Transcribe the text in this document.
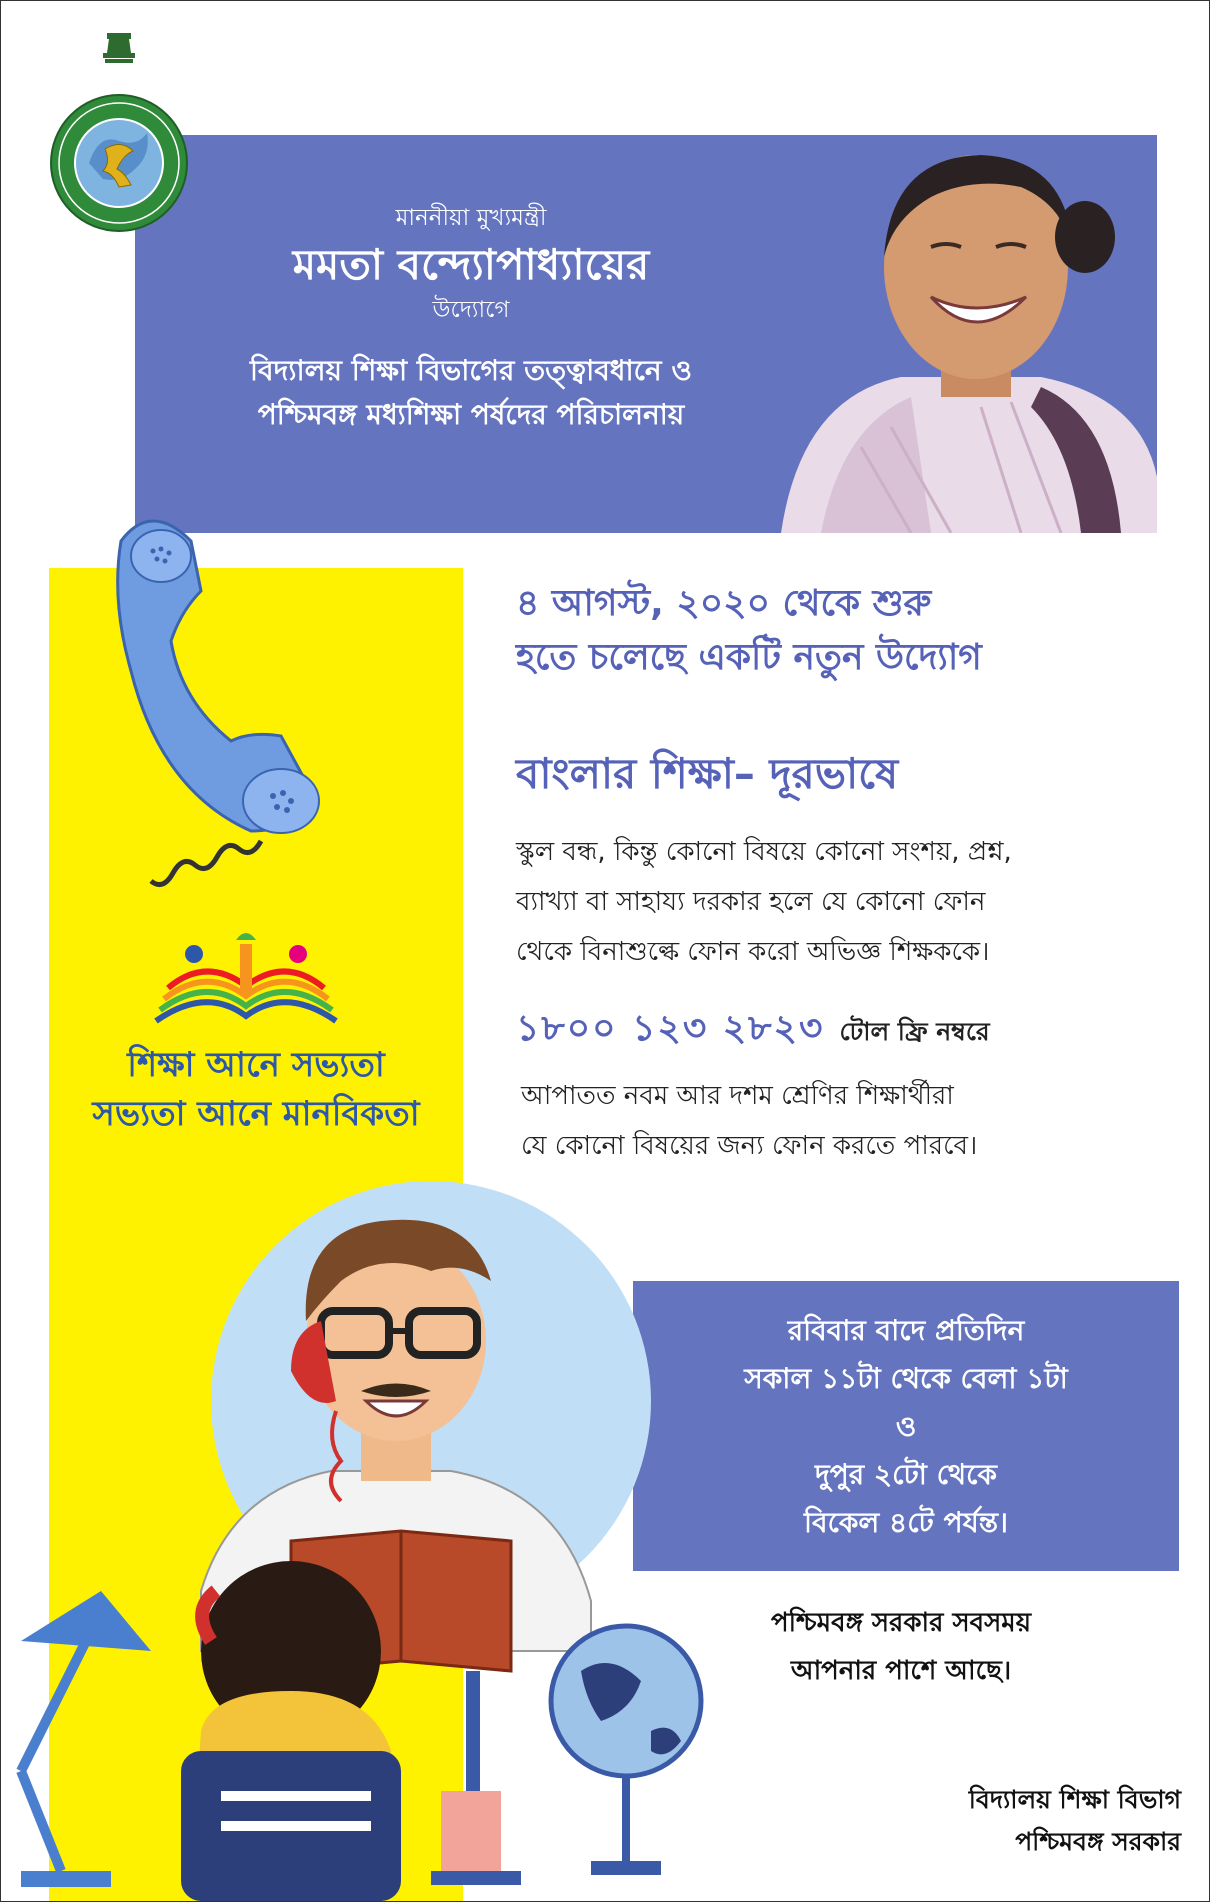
মাননীয়া মুখ্যমন্ত্রী

মমতা বন্দ্যোপাধ্যায়ের

উদ্যোগে

বিদ্যালয় শিক্ষা বিভাগের তত্ত্বাবধানে ও

পশ্চিমবঙ্গ মধ্যশিক্ষা পর্ষদের পরিচালনায়

শিক্ষা আনে সভ্যতা

সভ্যতা আনে মানবিকতা

৪ আগস্ট, ২০২০ থেকে শুরু

হতে চলেছে একটি নতুন উদ্যোগ

বাংলার শিক্ষা– দূরভাষে

স্কুল বন্ধ, কিন্তু কোনো বিষয়ে কোনো সংশয়, প্রশ্ন,

ব্যাখ্যা বা সাহায্য দরকার হলে যে কোনো ফোন

থেকে বিনাশুল্কে ফোন করো অভিজ্ঞ শিক্ষককে।

১৮০০ ১২৩ ২৮২৩ টোল ফ্রি নম্বরে

আপাতত নবম আর দশম শ্রেণির শিক্ষার্থীরা

যে কোনো বিষয়ের জন্য ফোন করতে পারবে।

রবিবার বাদে প্রতিদিন

সকাল ১১টা থেকে বেলা ১টা

ও

দুপুর ২টো থেকে

বিকেল ৪টে পর্যন্ত।

পশ্চিমবঙ্গ সরকার সবসময়

আপনার পাশে আছে।

বিদ্যালয় শিক্ষা বিভাগ

পশ্চিমবঙ্গ সরকার
